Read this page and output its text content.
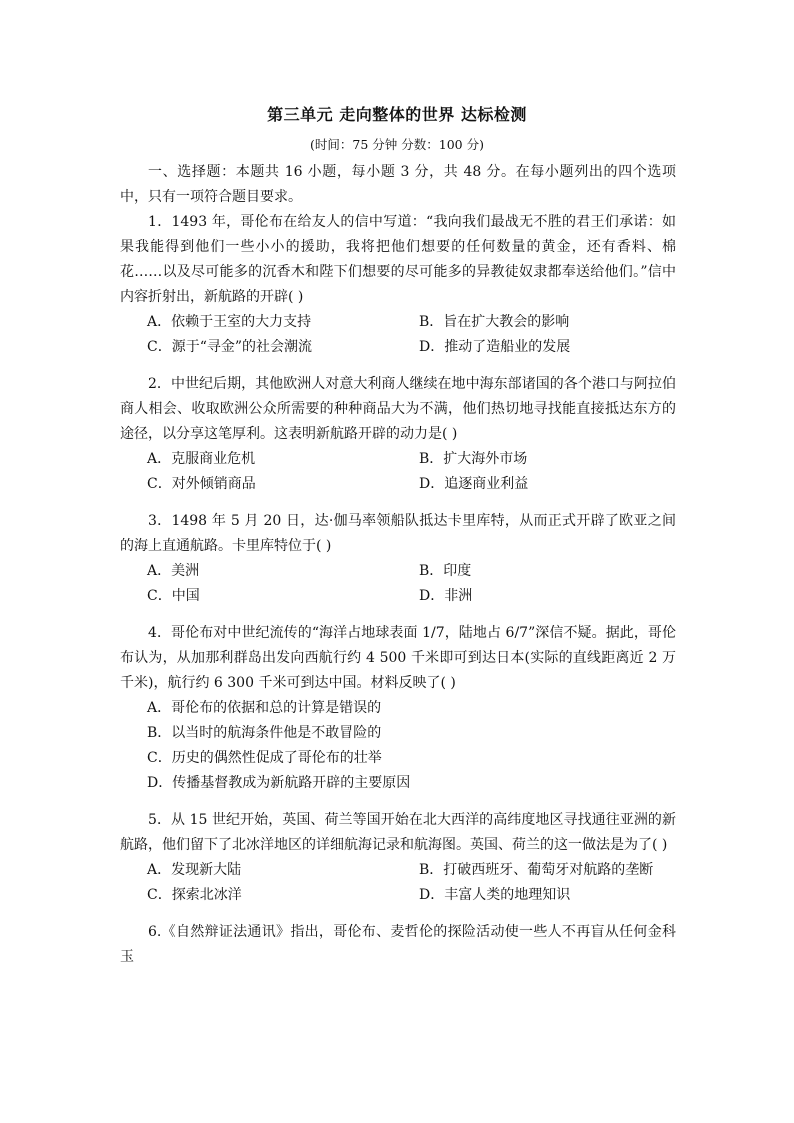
第三单元 走向整体的世界 达标检测
(时间：75 分钟 分数：100 分)

一、选择题：本题共 16 小题，每小题 3 分，共 48 分。在每小题列出的四个选项中，只有一项符合题目要求。

1．1493 年，哥伦布在给友人的信中写道：“我向我们最战无不胜的君王们承诺：如果我能得到他们一些小小的援助，我将把他们想要的任何数量的黄金，还有香料、棉花……以及尽可能多的沉香木和陛下们想要的尽可能多的异教徒奴隶都奉送给他们。”信中内容折射出，新航路的开辟( )

A．依赖于王室的大力支持	B．旨在扩大教会的影响

C．源于“寻金”的社会潮流	D．推动了造船业的发展

2．中世纪后期，其他欧洲人对意大利商人继续在地中海东部诸国的各个港口与阿拉伯商人相会、收取欧洲公众所需要的种种商品大为不满，他们热切地寻找能直接抵达东方的途径，以分享这笔厚利。这表明新航路开辟的动力是( )

A．克服商业危机	B．扩大海外市场

C．对外倾销商品	D．追逐商业利益

3．1498 年 5 月 20 日，达·伽马率领船队抵达卡里库特，从而正式开辟了欧亚之间的海上直通航路。卡里库特位于( )

A．美洲	B．印度

C．中国	D．非洲

4．哥伦布对中世纪流传的“海洋占地球表面 1/7，陆地占 6/7”深信不疑。据此，哥伦布认为，从加那利群岛出发向西航行约 4 500 千米即可到达日本(实际的直线距离近 2 万千米)，航行约 6 300 千米可到达中国。材料反映了( )

A．哥伦布的依据和总的计算是错误的

B．以当时的航海条件他是不敢冒险的

C．历史的偶然性促成了哥伦布的壮举

D．传播基督教成为新航路开辟的主要原因

5．从 15 世纪开始，英国、荷兰等国开始在北大西洋的高纬度地区寻找通往亚洲的新航路，他们留下了北冰洋地区的详细航海记录和航海图。英国、荷兰的这一做法是为了( )

A．发现新大陆	B．打破西班牙、葡萄牙对航路的垄断

C．探索北冰洋	D．丰富人类的地理知识

6.《自然辩证法通讯》指出，哥伦布、麦哲伦的探险活动使一些人不再盲从任何金科玉
